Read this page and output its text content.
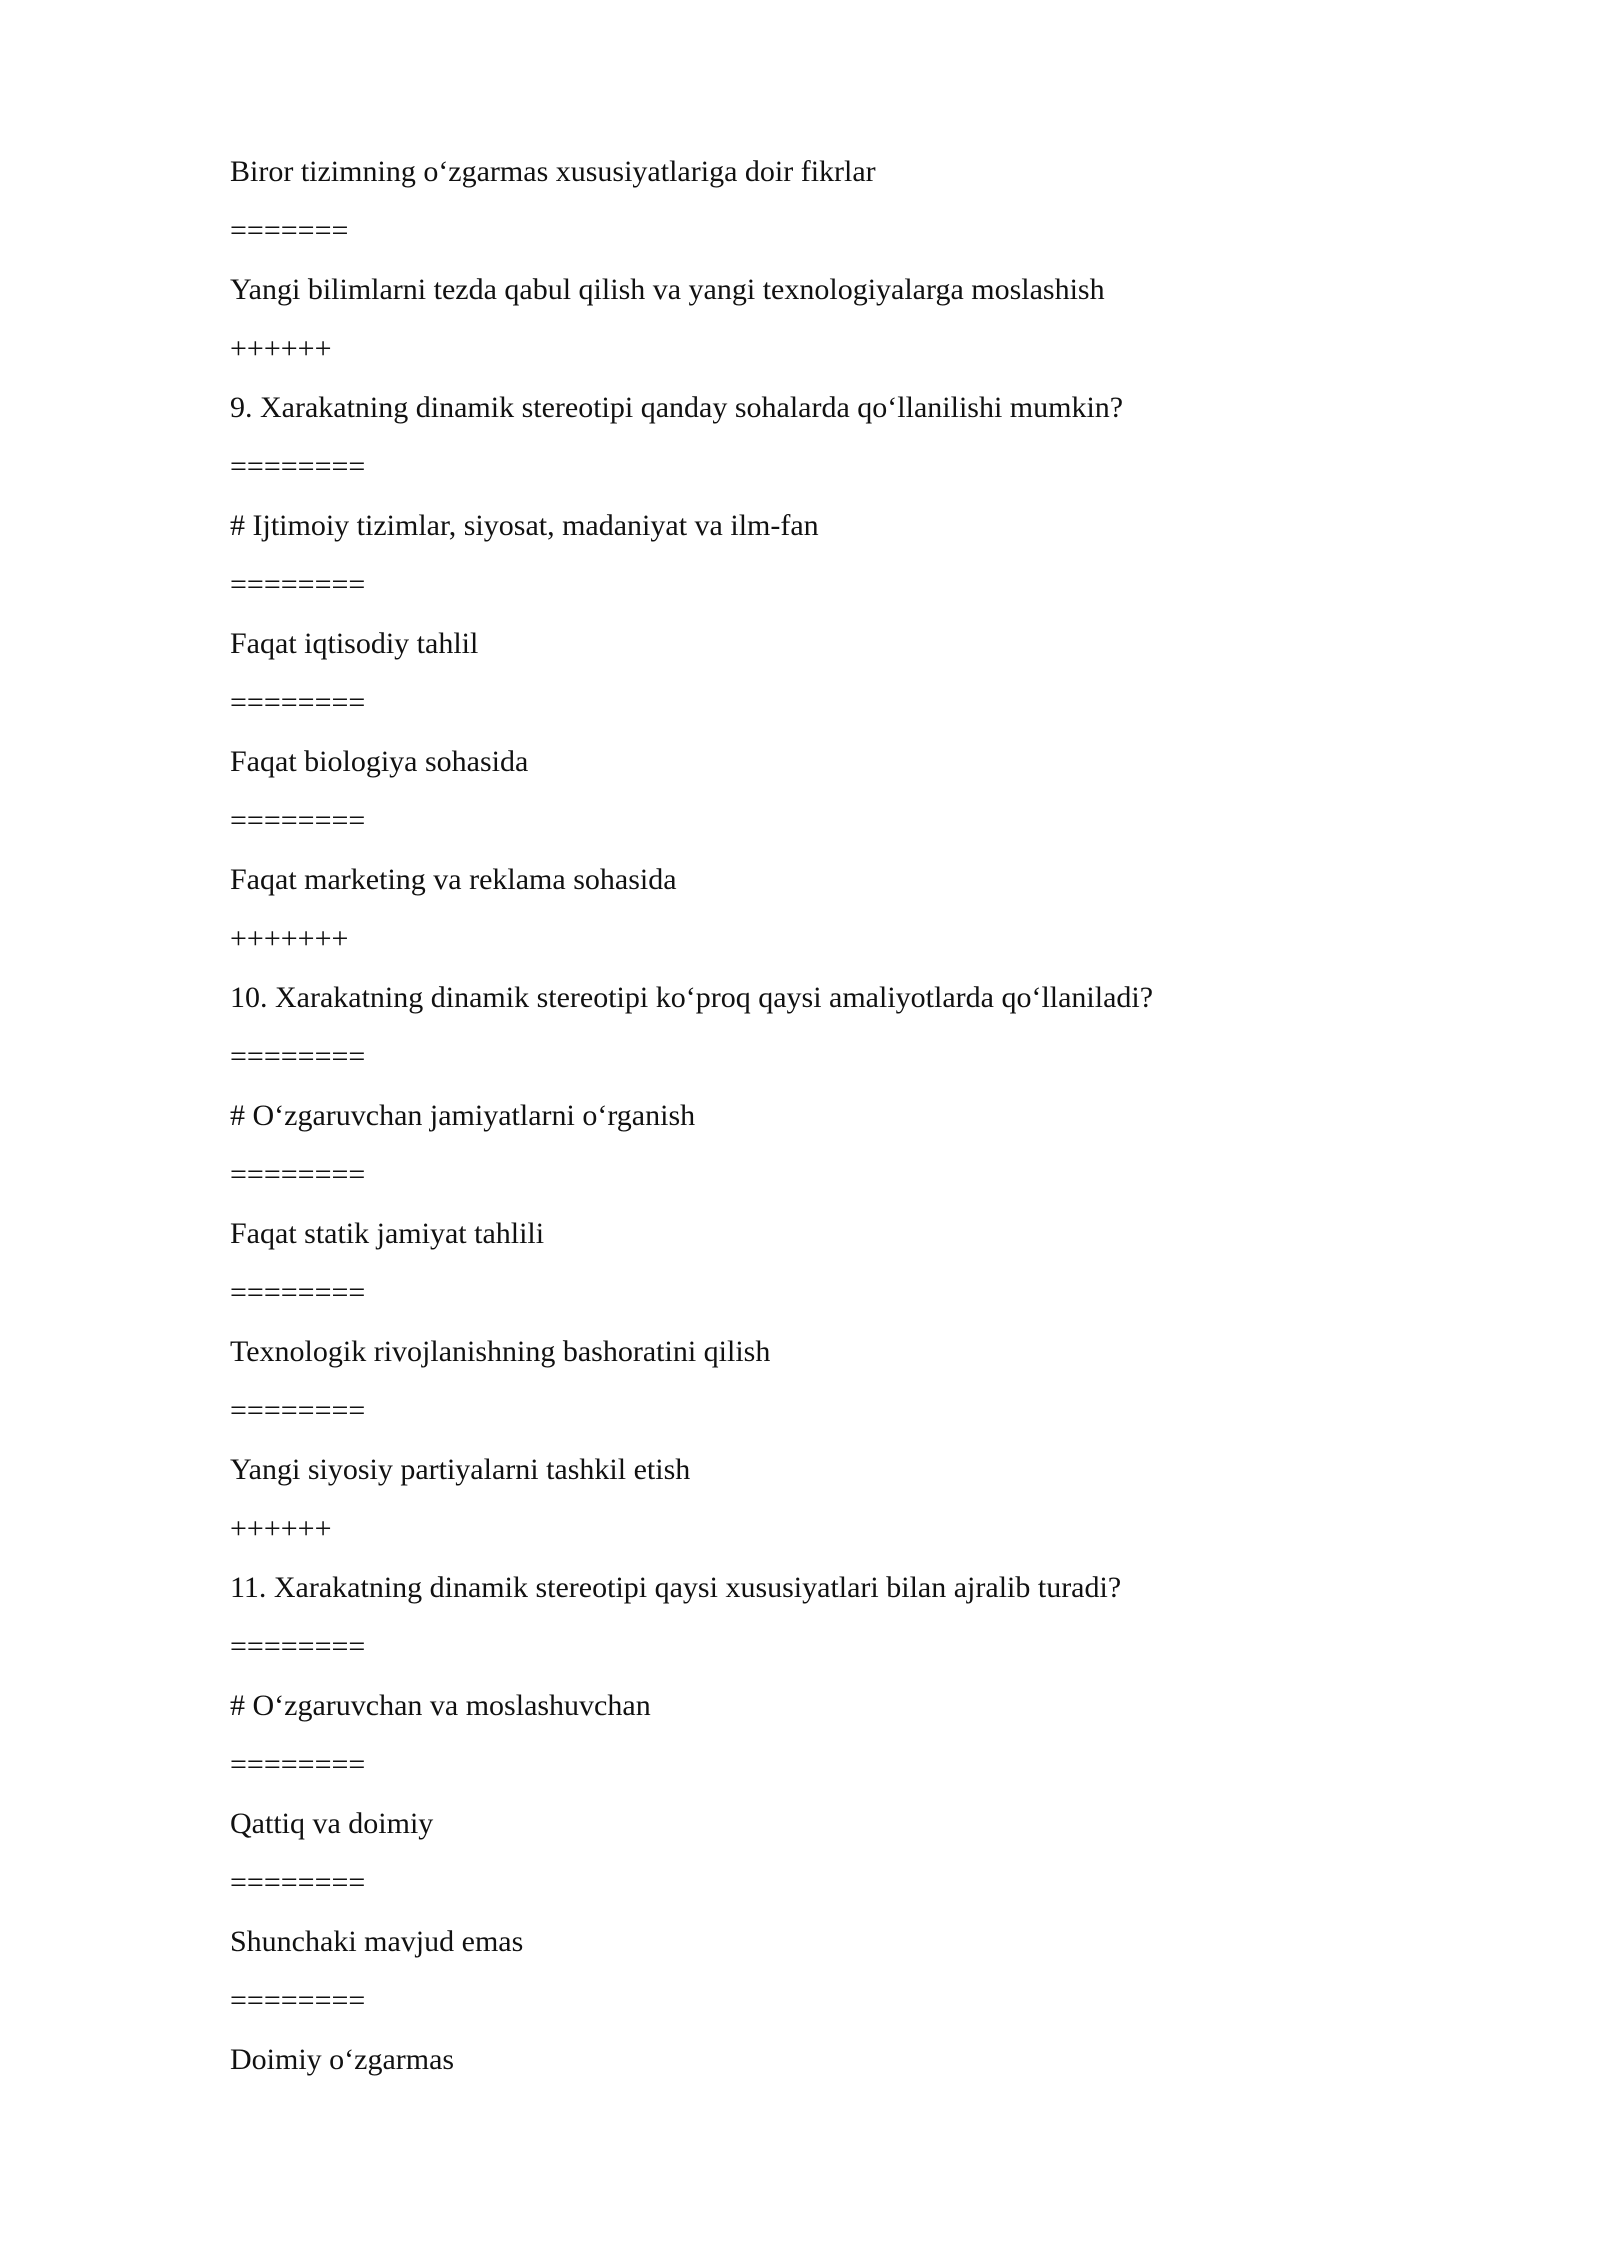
Biror tizimning o‘zgarmas xususiyatlariga doir fikrlar
=======
Yangi bilimlarni tezda qabul qilish va yangi texnologiyalarga moslashish
++++++
9. Xarakatning dinamik stereotipi qanday sohalarda qo‘llanilishi mumkin?
========
# Ijtimoiy tizimlar, siyosat, madaniyat va ilm-fan
========
Faqat iqtisodiy tahlil
========
Faqat biologiya sohasida
========
Faqat marketing va reklama sohasida
+++++++
10. Xarakatning dinamik stereotipi ko‘proq qaysi amaliyotlarda qo‘llaniladi?
========
# O‘zgaruvchan jamiyatlarni o‘rganish
========
Faqat statik jamiyat tahlili
========
Texnologik rivojlanishning bashoratini qilish
========
Yangi siyosiy partiyalarni tashkil etish
++++++
11. Xarakatning dinamik stereotipi qaysi xususiyatlari bilan ajralib turadi?
========
# O‘zgaruvchan va moslashuvchan
========
Qattiq va doimiy
========
Shunchaki mavjud emas
========
Doimiy o‘zgarmas
